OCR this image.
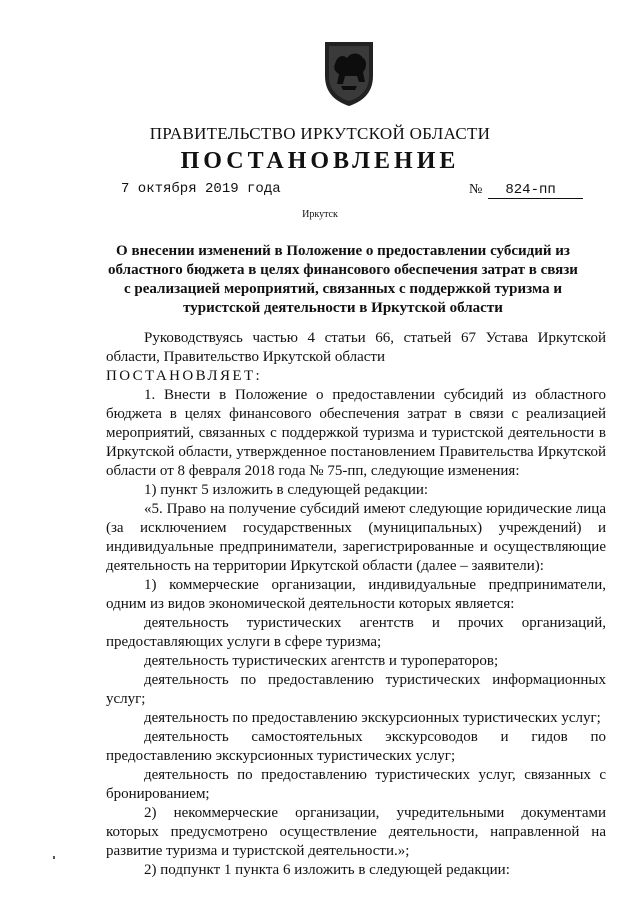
ПРАВИТЕЛЬСТВО ИРКУТСКОЙ ОБЛАСТИ
ПОСТАНОВЛЕНИЕ
7 октября 2019 года	№ 824-пп
Иркутск
О внесении изменений в Положение о предоставлении субсидий из областного бюджета в целях финансового обеспечения затрат в связи с реализацией мероприятий, связанных с поддержкой туризма и туристской деятельности в Иркутской области

Руководствуясь частью 4 статьи 66, статьей 67 Устава Иркутской области, Правительство Иркутской области

ПОСТАНОВЛЯЕТ:

1. Внести в Положение о предоставлении субсидий из областного бюджета в целях финансового обеспечения затрат в связи с реализацией мероприятий, связанных с поддержкой туризма и туристской деятельности в Иркутской области, утвержденное постановлением Правительства Иркутской области от 8 февраля 2018 года № 75-пп, следующие изменения:

1) пункт 5 изложить в следующей редакции:

«5. Право на получение субсидий имеют следующие юридические лица (за исключением государственных (муниципальных) учреждений) и индивидуальные предприниматели, зарегистрированные и осуществляющие деятельность на территории Иркутской области (далее – заявители):

1) коммерческие организации, индивидуальные предприниматели, одним из видов экономической деятельности которых является:

деятельность туристических агентств и прочих организаций, предоставляющих услуги в сфере туризма;

деятельность туристических агентств и туроператоров;

деятельность по предоставлению туристических информационных услуг;

деятельность по предоставлению экскурсионных туристических услуг;

деятельность самостоятельных экскурсоводов и гидов по предоставлению экскурсионных туристических услуг;

деятельность по предоставлению туристических услуг, связанных с бронированием;

2) некоммерческие организации, учредительными документами которых предусмотрено осуществление деятельности, направленной на развитие туризма и туристской деятельности.»;

2) подпункт 1 пункта 6 изложить в следующей редакции:
